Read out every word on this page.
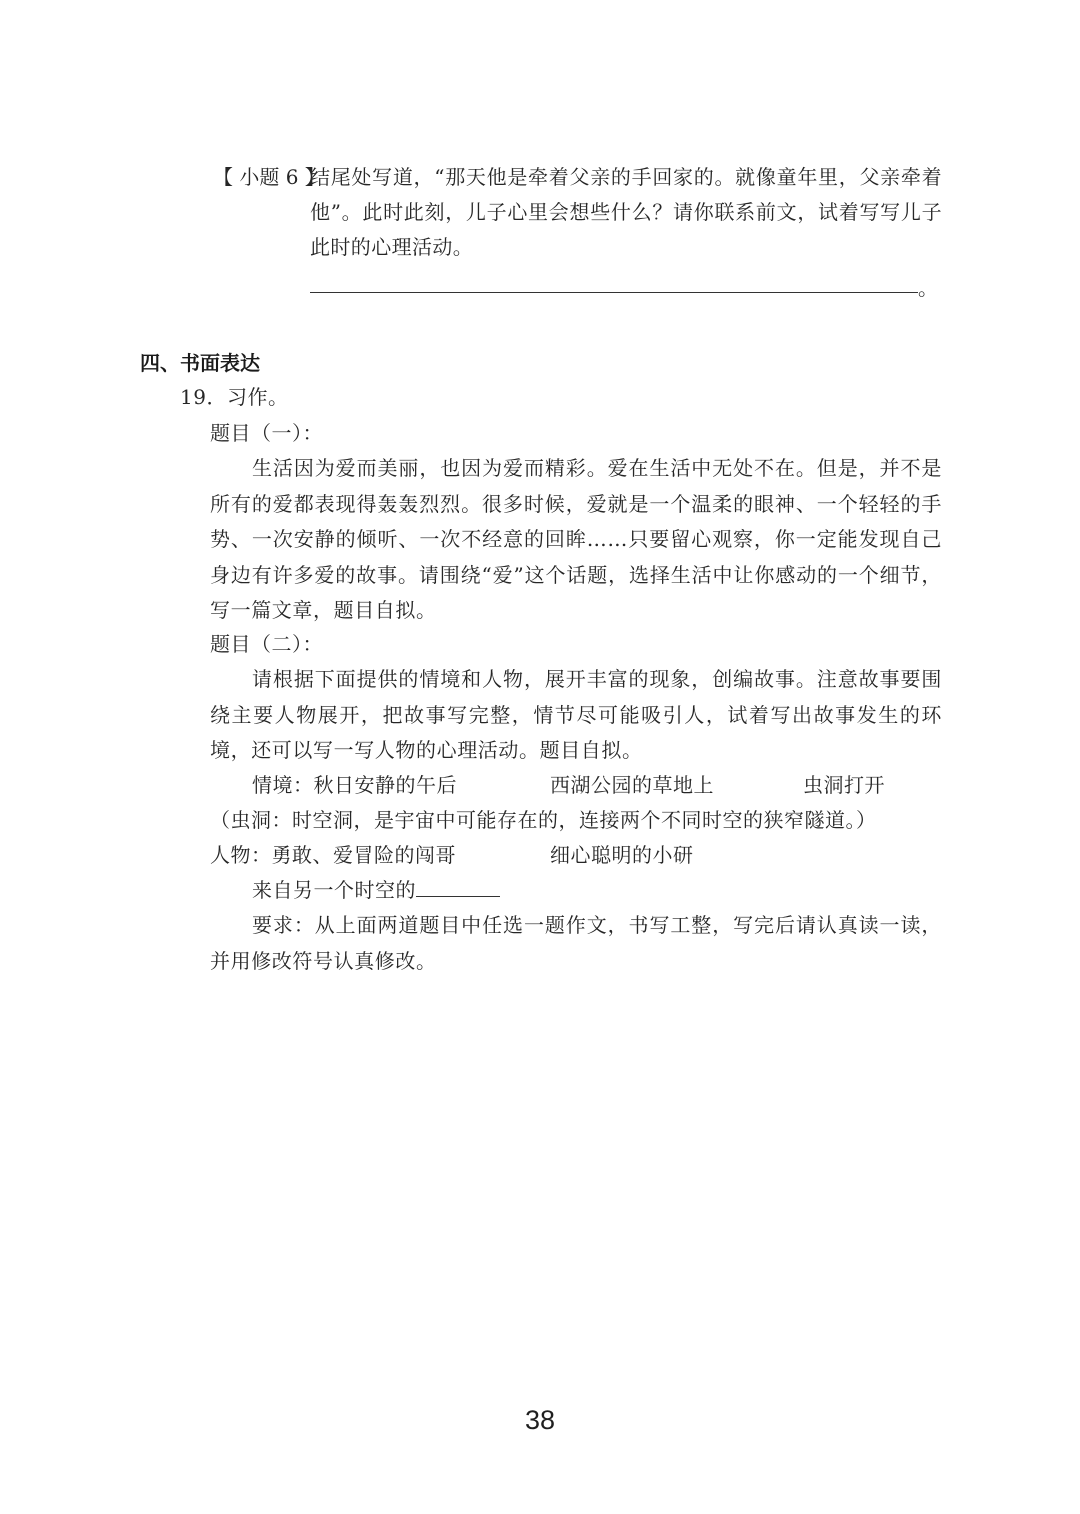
【 小题 6 】
结尾处写道，“那天他是牵着父亲的手回家的。就像童年里，父亲牵着他”。此时此刻，儿子心里会想些什么？请你联系前文，试着写写儿子此时的心理活动。
。
四、书面表达
19．习作。
题目（一）：
生活因为爱而美丽，也因为爱而精彩。爱在生活中无处不在。但是，并不是所有的爱都表现得轰轰烈烈。很多时候，爱就是一个温柔的眼神、一个轻轻的手势、一次安静的倾听、一次不经意的回眸……只要留心观察，你一定能发现自己身边有许多爱的故事。请围绕“爱”这个话题，选择生活中让你感动的一个细节，写一篇文章，题目自拟。
题目（二）：
请根据下面提供的情境和人物，展开丰富的现象，创编故事。注意故事要围绕主要人物展开，把故事写完整，情节尽可能吸引人，试着写出故事发生的环境，还可以写一写人物的心理活动。题目自拟。
情境：秋日安静的午后	西湖公园的草地上	虫洞打开
（虫洞：时空洞，是宇宙中可能存在的，连接两个不同时空的狭窄隧道。）
人物：勇敢、爱冒险的闯哥	细心聪明的小研
来自另一个时空的
要求：从上面两道题目中任选一题作文，书写工整，写完后请认真读一读，并用修改符号认真修改。
38
